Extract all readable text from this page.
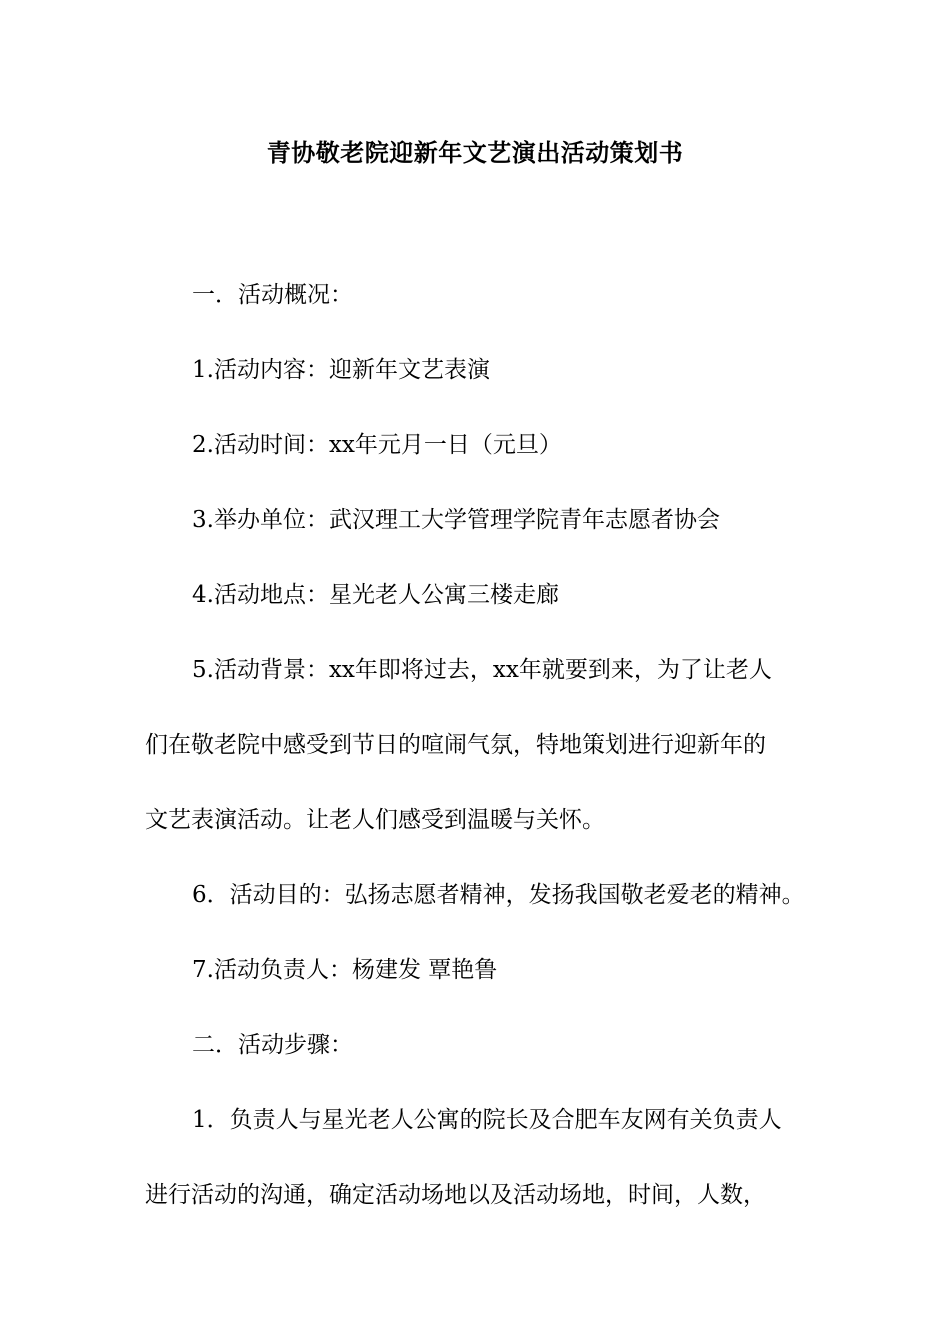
青协敬老院迎新年文艺演出活动策划书

一．活动概况：

1.活动内容：迎新年文艺表演

2.活动时间：xx年元月一日（元旦）

3.举办单位：武汉理工大学管理学院青年志愿者协会

4.活动地点：星光老人公寓三楼走廊

5.活动背景：xx年即将过去，xx年就要到来，为了让老人

们在敬老院中感受到节日的喧闹气氛，特地策划进行迎新年的

文艺表演活动。让老人们感受到温暖与关怀。

6．活动目的：弘扬志愿者精神，发扬我国敬老爱老的精神。

7.活动负责人：杨建发 覃艳鲁

二．活动步骤：

1．负责人与星光老人公寓的院长及合肥车友网有关负责人

进行活动的沟通，确定活动场地以及活动场地，时间，人数，
